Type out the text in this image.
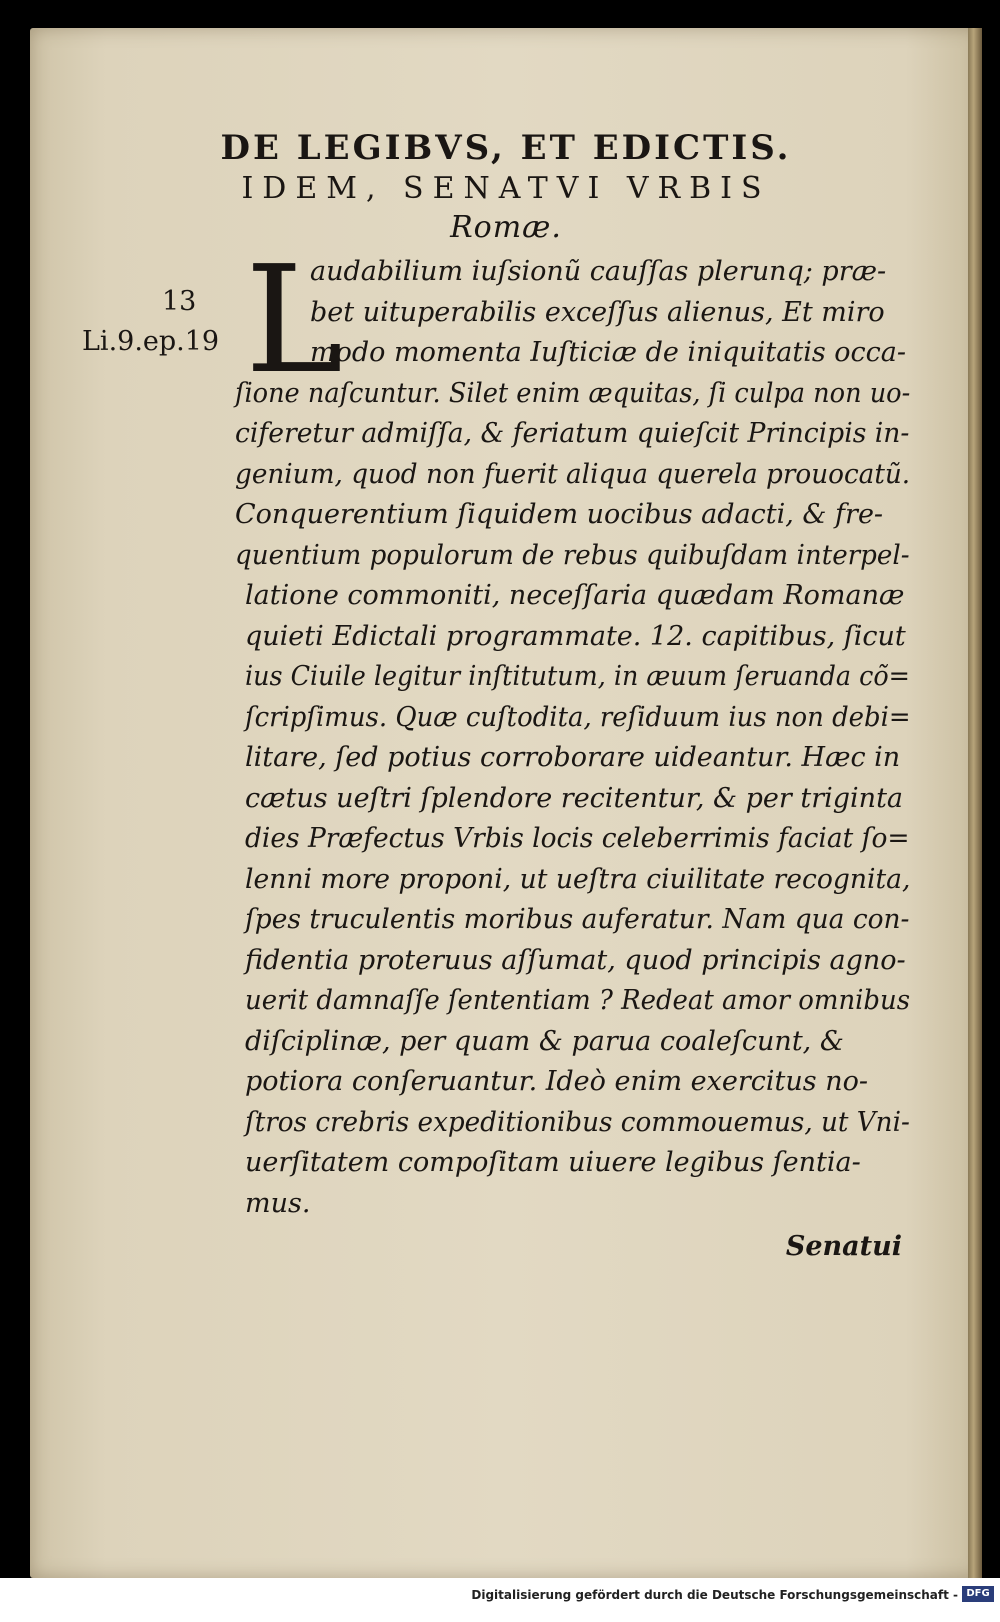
DE LEGIBVS, ET EDICTIS.
IDEM, SENATVI VRBIS
Romæ.
13
Li.9.ep.19 L
audabilium iuſsionũ cauſſas plerunq; præ-
bet uituperabilis exceſſus alienus, Et miro
modo momenta Iuſticiæ de iniquitatis occa-
ſione naſcuntur. Silet enim æquitas, ſi culpa non uo-
ciferetur admiſſa, & feriatum quieſcit Principis in-
genium, quod non fuerit aliqua querela prouocatũ.
Conquerentium ſiquidem uocibus adacti, & fre-
quentium populorum de rebus quibuſdam interpel-
latione commoniti, neceſſaria quædam Romanæ
quieti Edictali programmate. 12. capitibus, ſicut
ius Ciuile legitur inſtitutum, in æuum ſeruanda cõ=
ſcripſimus. Quæ cuſtodita, reſiduum ius non debi=
litare, ſed potius corroborare uideantur. Hæc in
cætus ueſtri ſplendore recitentur, & per triginta
dies Præfectus Vrbis locis celeberrimis faciat ſo=
lenni more proponi, ut ueſtra ciuilitate recognita,
ſpes truculentis moribus auferatur. Nam qua con-
fidentia proteruus aſſumat, quod principis agno-
uerit damnaſſe ſententiam ? Redeat amor omnibus
diſciplinæ, per quam & parua coaleſcunt, &
potiora conſeruantur. Ideò enim exercitus no-
ſtros crebris expeditionibus commouemus, ut Vni-
uerſitatem compoſitam uiuere legibus ſentia-
mus.
Senatui
Digitalisierung gefördert durch die Deutsche Forschungsgemeinschaft - DFG
